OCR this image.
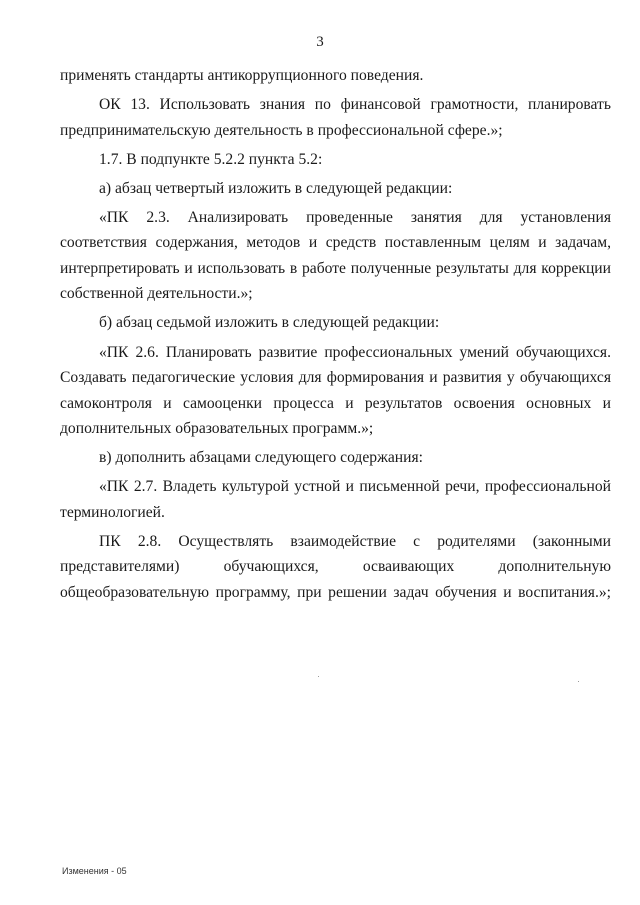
3

применять стандарты антикоррупционного поведения.

ОК 13. Использовать знания по финансовой грамотности, планировать предпринимательскую деятельность в профессиональной сфере.»;

1.7. В подпункте 5.2.2 пункта 5.2:

а) абзац четвертый изложить в следующей редакции:

«ПК 2.3. Анализировать проведенные занятия для установления соответствия содержания, методов и средств поставленным целям и задачам, интерпретировать и использовать в работе полученные результаты для коррекции собственной деятельности.»;

б) абзац седьмой изложить в следующей редакции:

«ПК 2.6. Планировать развитие профессиональных умений обучающихся. Создавать педагогические условия для формирования и развития у обучающихся самоконтроля и самооценки процесса и результатов освоения основных и дополнительных образовательных программ.»;

в) дополнить абзацами следующего содержания:

«ПК 2.7. Владеть культурой устной и письменной речи, профессиональной терминологией.

ПК 2.8. Осуществлять взаимодействие с родителями (законными представителями) обучающихся, осваивающих дополнительную общеобразовательную программу, при решении задач обучения и воспитания.»;

Изменения - 05
